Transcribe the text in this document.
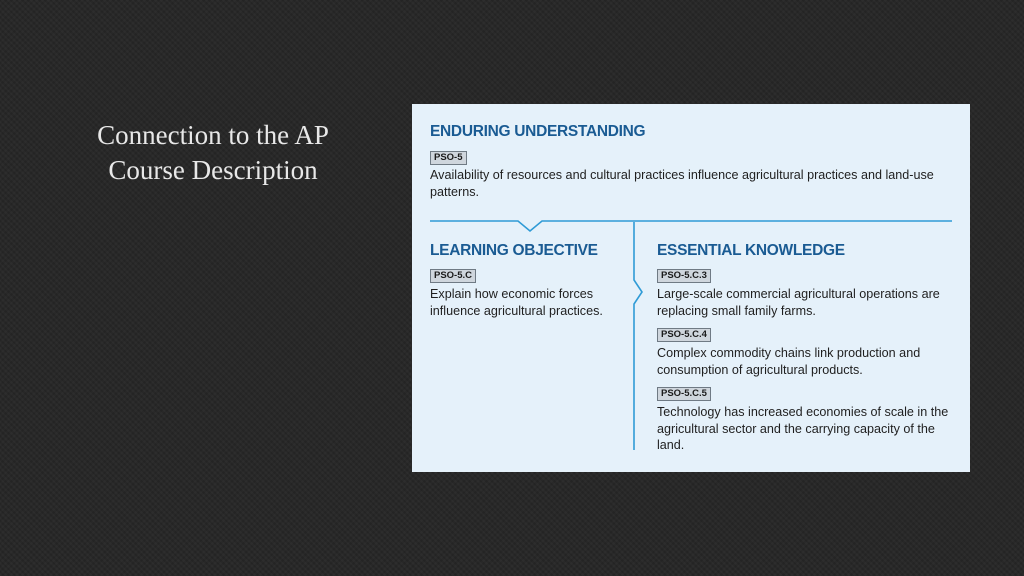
Connection to the AP Course Description
ENDURING UNDERSTANDING
PSO-5
Availability of resources and cultural practices influence agricultural practices and land-use patterns.
LEARNING OBJECTIVE
PSO-5.C
Explain how economic forces influence agricultural practices.
ESSENTIAL KNOWLEDGE
PSO-5.C.3
Large-scale commercial agricultural operations are replacing small family farms.
PSO-5.C.4
Complex commodity chains link production and consumption of agricultural products.
PSO-5.C.5
Technology has increased economies of scale in the agricultural sector and the carrying capacity of the land.
